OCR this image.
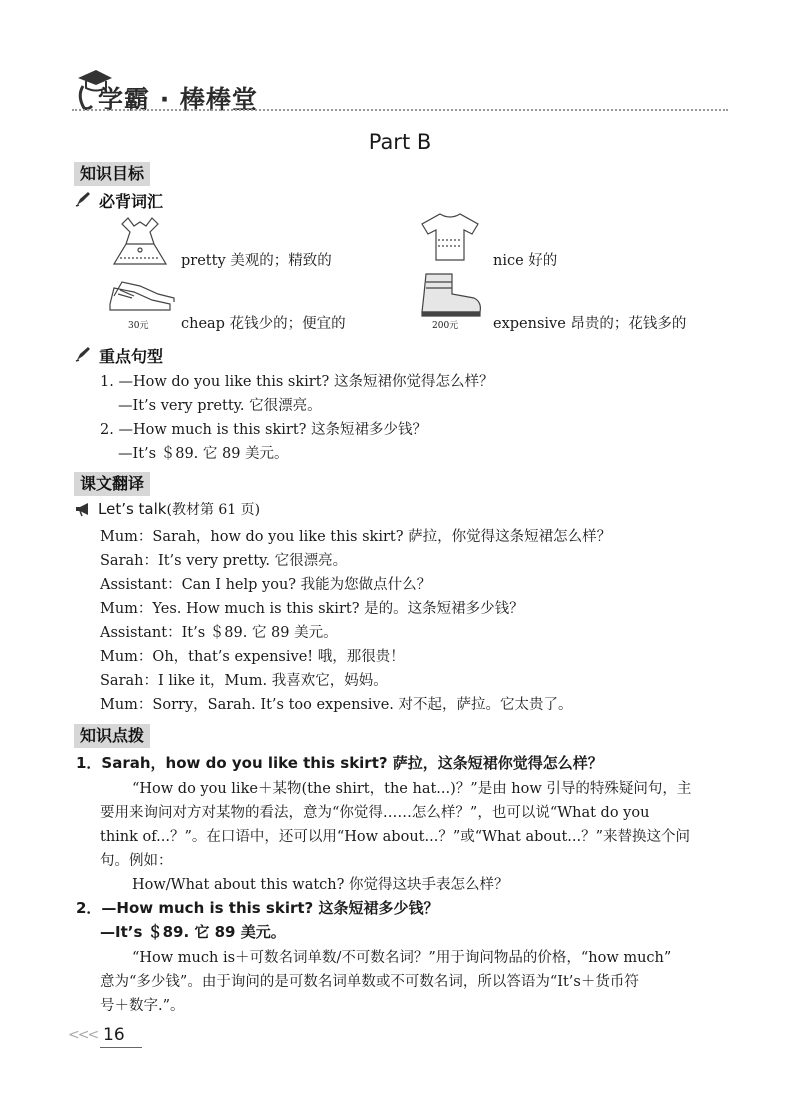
学霸 · 棒棒堂
Part B
知识目标
必背词汇
pretty 美观的；精致的	nice 好的
30元 cheap 花钱少的；便宜的	200元 expensive 昂贵的；花钱多的
重点句型
1. —How do you like this skirt? 这条短裙你觉得怎么样？
—It’s very pretty. 它很漂亮。
2. —How much is this skirt? 这条短裙多少钱？
—It’s ＄89. 它 89 美元。
课文翻译
Let’s talk(教材第 61 页)
Mum：Sarah，how do you like this skirt? 萨拉，你觉得这条短裙怎么样？
Sarah：It’s very pretty. 它很漂亮。
Assistant：Can I help you? 我能为您做点什么？
Mum：Yes. How much is this skirt? 是的。这条短裙多少钱？
Assistant：It’s ＄89. 它 89 美元。
Mum：Oh，that’s expensive! 哦，那很贵！
Sarah：I like it，Mum. 我喜欢它，妈妈。
Mum：Sorry，Sarah. It’s too expensive. 对不起，萨拉。它太贵了。
知识点拨
1．Sarah，how do you like this skirt? 萨拉，这条短裙你觉得怎么样？
“How do you like＋某物(the shirt，the hat...)？”是由 how 引导的特殊疑问句，主
要用来询问对方对某物的看法，意为“你觉得……怎么样？”，也可以说“What do you
think of...？”。在口语中，还可以用“How about...？”或“What about...？”来替换这个问
句。例如：
How/What about this watch? 你觉得这块手表怎么样？
2．—How much is this skirt? 这条短裙多少钱？
—It’s ＄89. 它 89 美元。
“How much is＋可数名词单数/不可数名词？”用于询问物品的价格，“how much”
意为“多少钱”。由于询问的是可数名词单数或不可数名词，所以答语为“It’s＋货币符
号＋数字.”。
<<< 16
